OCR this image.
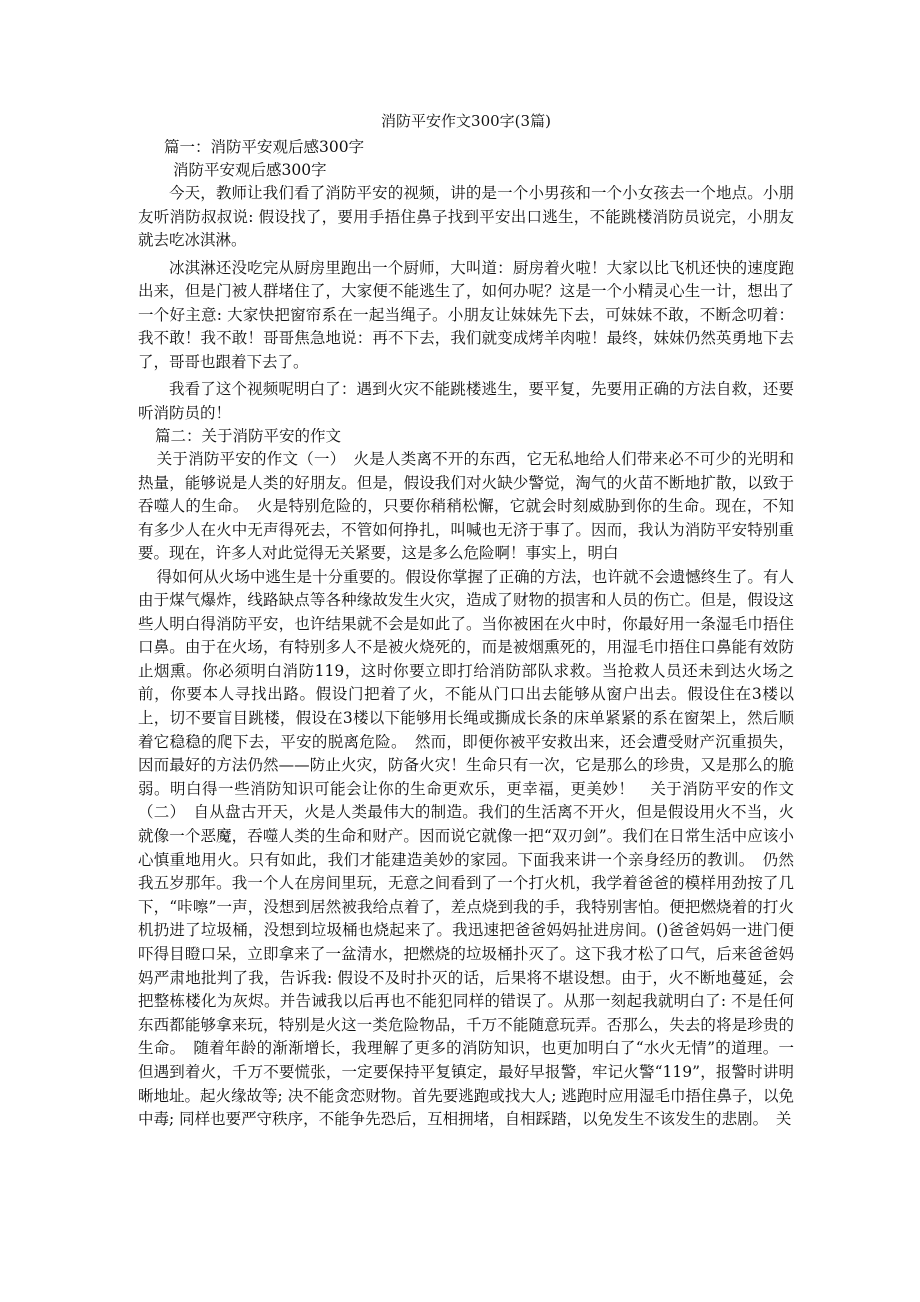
消防平安作文300字(3篇)
篇一：消防平安观后感300字
消防平安观后感300字

今天，教师让我们看了消防平安的视频，讲的是一个小男孩和一个小女孩去一个地点。小朋友听消防叔叔说: 假设找了，要用手捂住鼻子找到平安出口逃生，不能跳楼消防员说完，小朋友就去吃冰淇淋。

冰淇淋还没吃完从厨房里跑出一个厨师，大叫道：厨房着火啦！大家以比飞机还快的速度跑出来，但是门被人群堵住了，大家便不能逃生了，如何办呢？这是一个小精灵心生一计，想出了一个好主意: 大家快把窗帘系在一起当绳子。小朋友让妹妹先下去，可妹妹不敢，不断念叨着：我不敢！我不敢！哥哥焦急地说：再不下去，我们就变成烤羊肉啦！最终，妹妹仍然英勇地下去了，哥哥也跟着下去了。

我看了这个视频呢明白了：遇到火灾不能跳楼逃生，要平复，先要用正确的方法自救，还要听消防员的！

篇二：关于消防平安的作文

关于消防平安的作文（一）　火是人类离不开的东西，它无私地给人们带来必不可少的光明和热量，能够说是人类的好朋友。但是，假设我们对火缺少警觉，淘气的火苗不断地扩散，以致于吞噬人的生命。　火是特别危险的，只要你稍稍松懈，它就会时刻威胁到你的生命。现在，不知有多少人在火中无声得死去，不管如何挣扎，叫喊也无济于事了。因而，我认为消防平安特别重要。现在，许多人对此觉得无关紧要，这是多么危险啊！事实上，明白

得如何从火场中逃生是十分重要的。假设你掌握了正确的方法，也许就不会遗憾终生了。有人由于煤气爆炸，线路缺点等各种缘故发生火灾，造成了财物的损害和人员的伤亡。但是，假设这些人明白得消防平安，也许结果就不会是如此了。当你被困在火中时，你最好用一条湿毛巾捂住口鼻。由于在火场，有特别多人不是被火烧死的，而是被烟熏死的，用湿毛巾捂住口鼻能有效防止烟熏。你必须明白消防119，这时你要立即打给消防部队求救。当抢救人员还未到达火场之前，你要本人寻找出路。假设门把着了火，不能从门口出去能够从窗户出去。假设住在3楼以上，切不要盲目跳楼，假设在3楼以下能够用长绳或撕成长条的床单紧紧的系在窗架上，然后顺着它稳稳的爬下去，平安的脱离危险。　然而，即便你被平安救出来，还会遭受财产沉重损失，因而最好的方法仍然——防止火灾，防备火灾！生命只有一次，它是那么的珍贵，又是那么的脆弱。明白得一些消防知识可能会让你的生命更欢乐，更幸福，更美妙！　关于消防平安的作文（二）　自从盘古开天，火是人类最伟大的制造。我们的生活离不开火，但是假设用火不当，火就像一个恶魔，吞噬人类的生命和财产。因而说它就像一把“双刃剑”。我们在日常生活中应该小心慎重地用火。只有如此，我们才能建造美妙的家园。下面我来讲一个亲身经历的教训。　仍然我五岁那年。我一个人在房间里玩，无意之间看到了一个打火机，我学着爸爸的模样用劲按了几下，“咔嚓”一声，没想到居然被我给点着了，差点烧到我的手，我特别害怕。便把燃烧着的打火机扔进了垃圾桶，没想到垃圾桶也烧起来了。我迅速把爸爸妈妈扯进房间。()爸爸妈妈一进门便吓得目瞪口呆，立即拿来了一盆清水，把燃烧的垃圾桶扑灭了。这下我才松了口气，后来爸爸妈妈严肃地批判了我，告诉我: 假设不及时扑灭的话，后果将不堪设想。由于，火不断地蔓延，会把整栋楼化为灰烬。并告诫我以后再也不能犯同样的错误了。从那一刻起我就明白了: 不是任何东西都能够拿来玩，特别是火这一类危险物品，千万不能随意玩弄。否那么，失去的将是珍贵的生命。　随着年龄的渐渐增长，我理解了更多的消防知识，也更加明白了“水火无情”的道理。一但遇到着火，千万不要慌张，一定要保持平复镇定，最好早报警，牢记火警“119”，报警时讲明晰地址。起火缘故等; 决不能贪恋财物。首先要逃跑或找大人; 逃跑时应用湿毛巾捂住鼻子，以免中毒; 同样也要严守秩序，不能争先恐后，互相拥堵，自相踩踏，以免发生不该发生的悲剧。　关
